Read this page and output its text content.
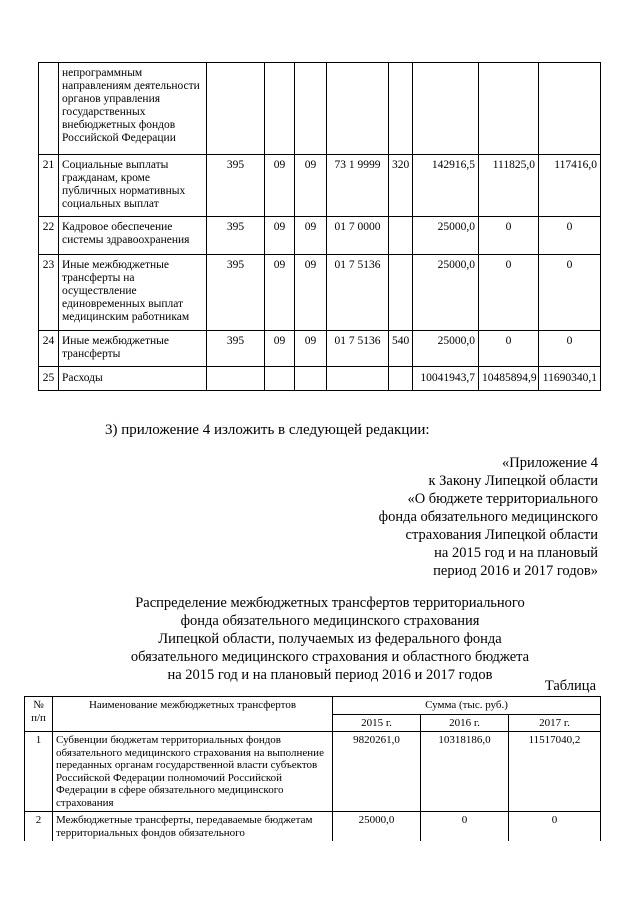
	непрограммным направлениям деятельности органов управления государственных внебюджетных фондов Российской Федерации								
21	Социальные выплаты гражданам, кроме публичных нормативных социальных выплат	395	09	09	73 1 9999	320	142916,5	111825,0	117416,0
22	Кадровое обеспечение системы здравоохранения	395	09	09	01 7 0000		25000,0	0	0
23	Иные межбюджетные трансферты на осуществление единовременных выплат медицинским работникам	395	09	09	01 7 5136		25000,0	0	0
24	Иные межбюджетные трансферты	395	09	09	01 7 5136	540	25000,0	0	0
25	Расходы						10041943,7	10485894,9	11690340,1
3) приложение 4 изложить в следующей редакции:
«Приложение 4
к Закону Липецкой области
«О бюджете территориального
фонда обязательного медицинского
страхования Липецкой области
на 2015 год и на плановый
период 2016 и 2017 годов»
Распределение межбюджетных трансфертов территориального
фонда обязательного медицинского страхования
Липецкой области, получаемых из федерального фонда
обязательного медицинского страхования и областного бюджета
на 2015 год и на плановый период 2016 и 2017 годов
Таблица
№ п/п	Наименование межбюджетных трансфертов	Сумма (тыс. руб.)		
		2015 г.	2016 г.	2017 г.
1	Субвенции бюджетам территориальных фондов обязательного медицинского страхования на выполнение переданных органам государственной власти субъектов Российской Федерации полномочий Российской Федерации в сфере обязательного медицинского страхования	9820261,0	10318186,0	11517040,2
2	Межбюджетные трансферты, передаваемые бюджетам территориальных фондов обязательного	25000,0	0	0
